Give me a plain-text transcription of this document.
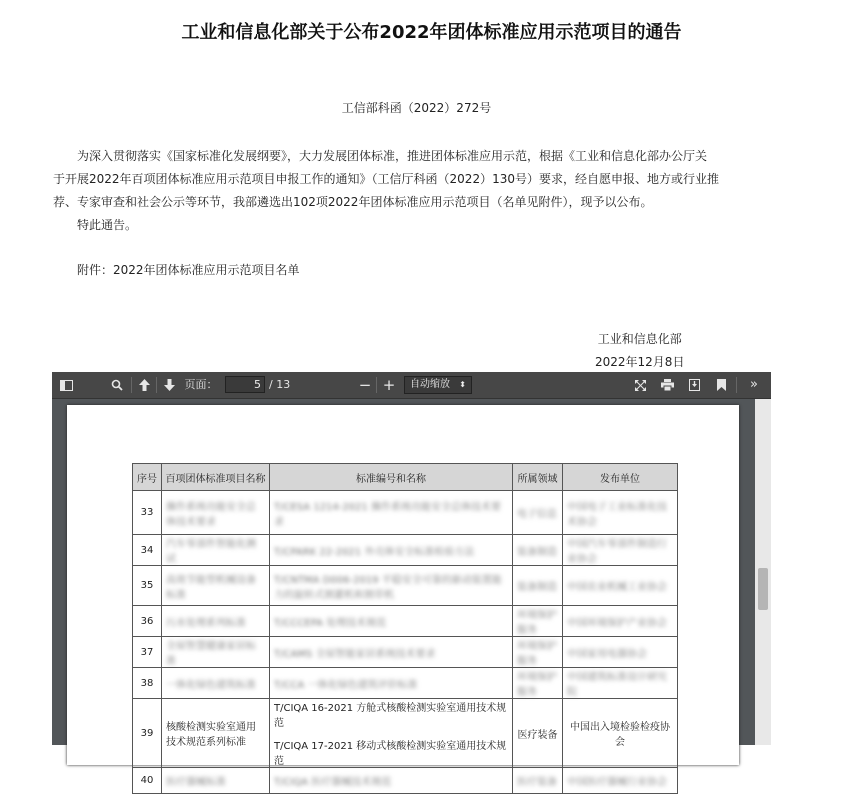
工业和信息化部关于公布2022年团体标准应用示范项目的通告
工信部科函（2022）272号

为深入贯彻落实《国家标准化发展纲要》，大力发展团体标准，推进团体标准应用示范，根据《工业和信息化部办公厅关

于开展2022年百项团体标准应用示范项目申报工作的通知》（工信厅科函（2022）130号）要求，经自愿申报、地方或行业推

荐、专家审查和社会公示等环节，我部遴选出102项2022年团体标准应用示范项目（名单见附件），现予以公布。

特此通告。

附件：2022年团体标准应用示范项目名单
工业和信息化部
2022年12月8日
页面：
5	/ 13	− +	自动缩放 ⬍	»
序号	百项团体标准项目名称	标准编号和名称	所属领域	发布单位
33	操作系统功能安全总体技术要求	T/CESA 1214-2021 操作系统功能安全总体技术要求	电子信息	中国电子工业标准化技术协会
34	汽车零部件智能化测试	T/CPARK 22-2021 外壳体安全标准检验方法	装备制造	中国汽车零部件制造行业协会
35	高效节能型机械设备标准	T/CNTMA D006-2019 平稳安全可靠的驱动装置能力的旋转式割灌机和割草机	装备制造	中国农业机械工业协会
36	污水处理系列标准	T/CCCEPA 处理技术规范	环境保护服务	中国环境保护产业协会
37	全屋智慧健康家居标准	T/CAMS 全屋智能家居系统技术要求	环境保护服务	中国家用电器协会
38	一体化绿色建筑标准	T/CCA 一体化绿色建筑评价标准	环境保护服务	中国建筑标准设计研究院
39	核酸检测实验室通用技术规范系列标准	T/CIQA 16-2021 方舱式核酸检测实验室通用技术规范
T/CIQA 17-2021 移动式核酸检测实验室通用技术规范	医疗装备	中国出入境检验检疫协会
40	医疗器械标准	T/CIQA 医疗器械技术规范	医疗装备	中国医疗器械行业协会
